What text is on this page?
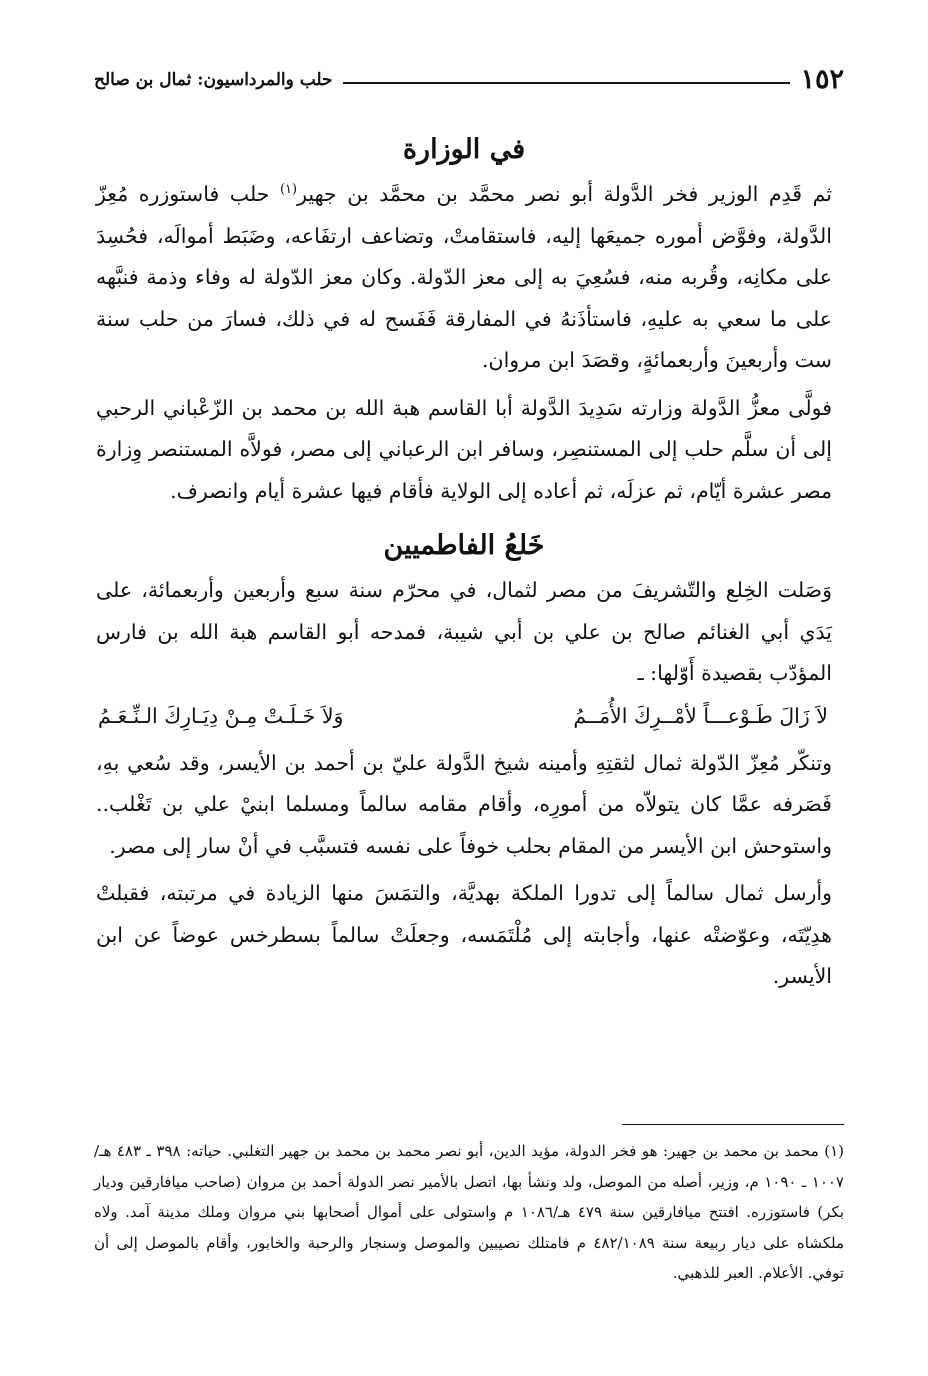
١٥٢
حلب والمرداسيون: ثمال بن صالح
في الوزارة

ثم قَدِم الوزير فخر الدَّولة أبو نصر محمَّد بن محمَّد بن جهير$^{(١)}$ حلب فاستوزره مُعِزّ الدَّولة، وفوَّض أموره جميعَها إليه، فاستقامتْ، وتضاعف ارتفَاعه، وضَبَط أموالَه، فحُسِدَ على مكانِه، وقُربه منه، فسُعِيَ به إلى معز الدّولة. وكان معز الدّولة له وفاء وذمة فنبَّهه على ما سعي به عليهِ، فاستأذَنهُ في المفارقة فَفَسح له في ذلك، فسارَ من حلب سنة ست وأربعينَ وأربعمائةٍ، وقصَدَ ابن مروان.

فولَّى معزُّ الدَّولة وزارته سَدِيدَ الدَّولة أبا القاسم هبة الله بن محمد بن الزّعْباني الرحبي إلى أن سلَّم حلب إلى المستنصِر، وسافر ابن الرعباني إلى مصر، فولاَّه المستنصر وِزارة مصر عشرة أيّام، ثم عزلَه، ثم أعاده إلى الولاية فأقام فيها عشرة أيام وانصرف.

خَلعُ الفاطميين

وَصَلت الخِلع والتّشريفَ من مصر لثمال، في محرّم سنة سبع وأربعين وأربعمائة، على يَدَي أبي الغنائم صالح بن علي بن أبي شيبة، فمدحه أبو القاسم هبة الله بن فارس المؤدّب بقصيدة أَوّلها: ـ

لاَ زَالَ طَـوْعـــاً لأمْــرِكَ الأُمَــمُ
وَلاَ خَـلَـتْ مِـنْ دِيَـارِكَ الـنِّـعَـمُ

وتنكّر مُعِزّ الدّولة ثمال لثقتِهِ وأمينه شيخ الدَّولة عليّ بن أحمد بن الأيسر، وقد سُعي بهِ، فَصَرفه عمَّا كان يتولاّه من أمورِه، وأقام مقامه سالماً ومسلما ابنيْ علي بن تَغْلب.. واستوحش ابن الأيسر من المقام بحلب خوفاً على نفسه فتسبَّب في أنْ سار إلى مصر.

وأرسل ثمال سالماً إلى تدورا الملكة بهديَّة، والتمَسَ منها الزيادة في مرتبته، فقبلتْ هدِيّتَه، وعوّضتْه عنها، وأجابته إلى مُلْتَمَسه، وجعلَتْ سالماً بسطرخس عوضاً عن ابن الأيسر.

(١) محمد بن محمد بن جهير: هو فخر الدولة، مؤيد الدين، أبو نصر محمد بن محمد بن جهير التغلبي. حياته: ٣٩٨ ـ ٤٨٣ هـ/١٠٠٧ ـ ١٠٩٠ م، وزير، أصله من الموصل، ولد ونشأ بها، اتصل بالأمير نصر الدولة أحمد بن مروان (صاحب ميافارقين وديار بكر) فاستوزره. افتتح ميافارقين سنة ٤٧٩ هـ/١٠٨٦ م واستولى على أموال أصحابها بني مروان وملك مدينة آمد. ولاه ملكشاه على ديار ربيعة سنة ٤٨٢/١٠٨٩ م فامتلك نصيبين والموصل وسنجار والرحبة والخابور، وأقام بالموصل إلى أن توفي. الأعلام. العبر للذهبي.
